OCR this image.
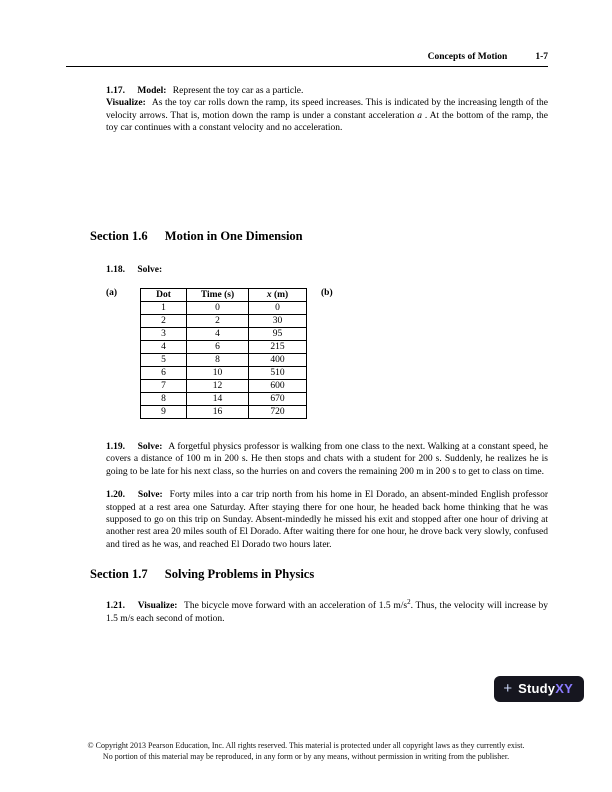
Concepts of Motion	1-7

1.17. Model: Represent the toy car as a particle.

Visualize: As the toy car rolls down the ramp, its speed increases. This is indicated by the increasing length of the velocity arrows. That is, motion down the ramp is under a constant acceleration a . At the bottom of the ramp, the toy car continues with a constant velocity and no acceleration.

Section 1.6 Motion in One Dimension

1.18. Solve:

(a)	Dot	Time (s)	x (m)
1	0	0
2	2	30
3	4	95
4	6	215
5	8	400
6	10	510
7	12	600
8	14	670
9	16	720
(b)

1.19. Solve: A forgetful physics professor is walking from one class to the next. Walking at a constant speed, he covers a distance of 100 m in 200 s. He then stops and chats with a student for 200 s. Suddenly, he realizes he is going to be late for his next class, so the hurries on and covers the remaining 200 m in 200 s to get to class on time.

1.20. Solve: Forty miles into a car trip north from his home in El Dorado, an absent-minded English professor stopped at a rest area one Saturday. After staying there for one hour, he headed back home thinking that he was supposed to go on this trip on Sunday. Absent-mindedly he missed his exit and stopped after one hour of driving at another rest area 20 miles south of El Dorado. After waiting there for one hour, he drove back very slowly, confused and tired as he was, and reached El Dorado two hours later.

Section 1.7 Solving Problems in Physics

1.21. Visualize: The bicycle move forward with an acceleration of 1.5 $m/s^2$. Thus, the velocity will increase by 1.5 m/s each second of motion.

+ StudyXY
© Copyright 2013 Pearson Education, Inc. All rights reserved. This material is protected under all copyright laws as they currently exist.
No portion of this material may be reproduced, in any form or by any means, without permission in writing from the publisher.
